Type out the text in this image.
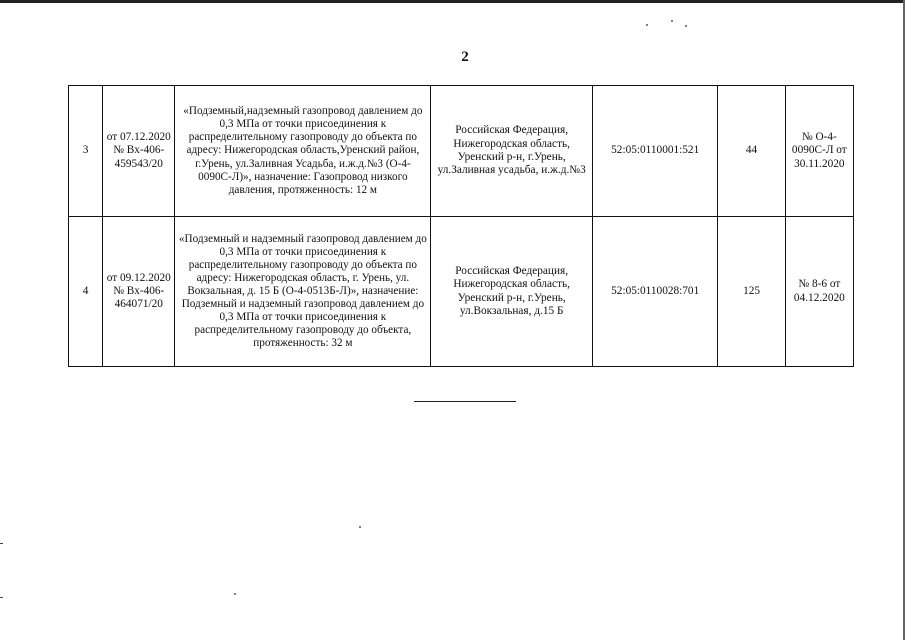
2
3	от 07.12.2020 № Вх-406-459543/20	«Подземный,надземный газопровод давлением до 0,3 МПа от точки присоединения к распределительному газопроводу до объекта по адресу: Нижегородская область,Уренский район, г.Урень, ул.Заливная Усадьба, и.ж.д.№3 (О-4-0090С-Л)», назначение: Газопровод низкого давления, протяженность: 12 м	Российская Федерация, Нижегородская область, Уренский р-н, г.Урень, ул.Заливная усадьба, и.ж.д.№3	52:05:0110001:521	44	№ О-4-0090С-Л от 30.11.2020
4	от 09.12.2020 № Вх-406-464071/20	«Подземный и надземный газопровод давлением до 0,3 МПа от точки присоединения к распределительному газопроводу до объекта по адресу: Нижегородская область, г. Урень, ул. Вокзальная, д. 15 Б (О-4-0513Б-Л)», назначение: Подземный и надземный газопровод давлением до 0,3 МПа от точки присоединения к распределительному газопроводу до объекта, протяженность: 32 м	Российская Федерация, Нижегородская область, Уренский р-н, г.Урень, ул.Вокзальная, д.15 Б	52:05:0110028:701	125	№ 8-6 от 04.12.2020
